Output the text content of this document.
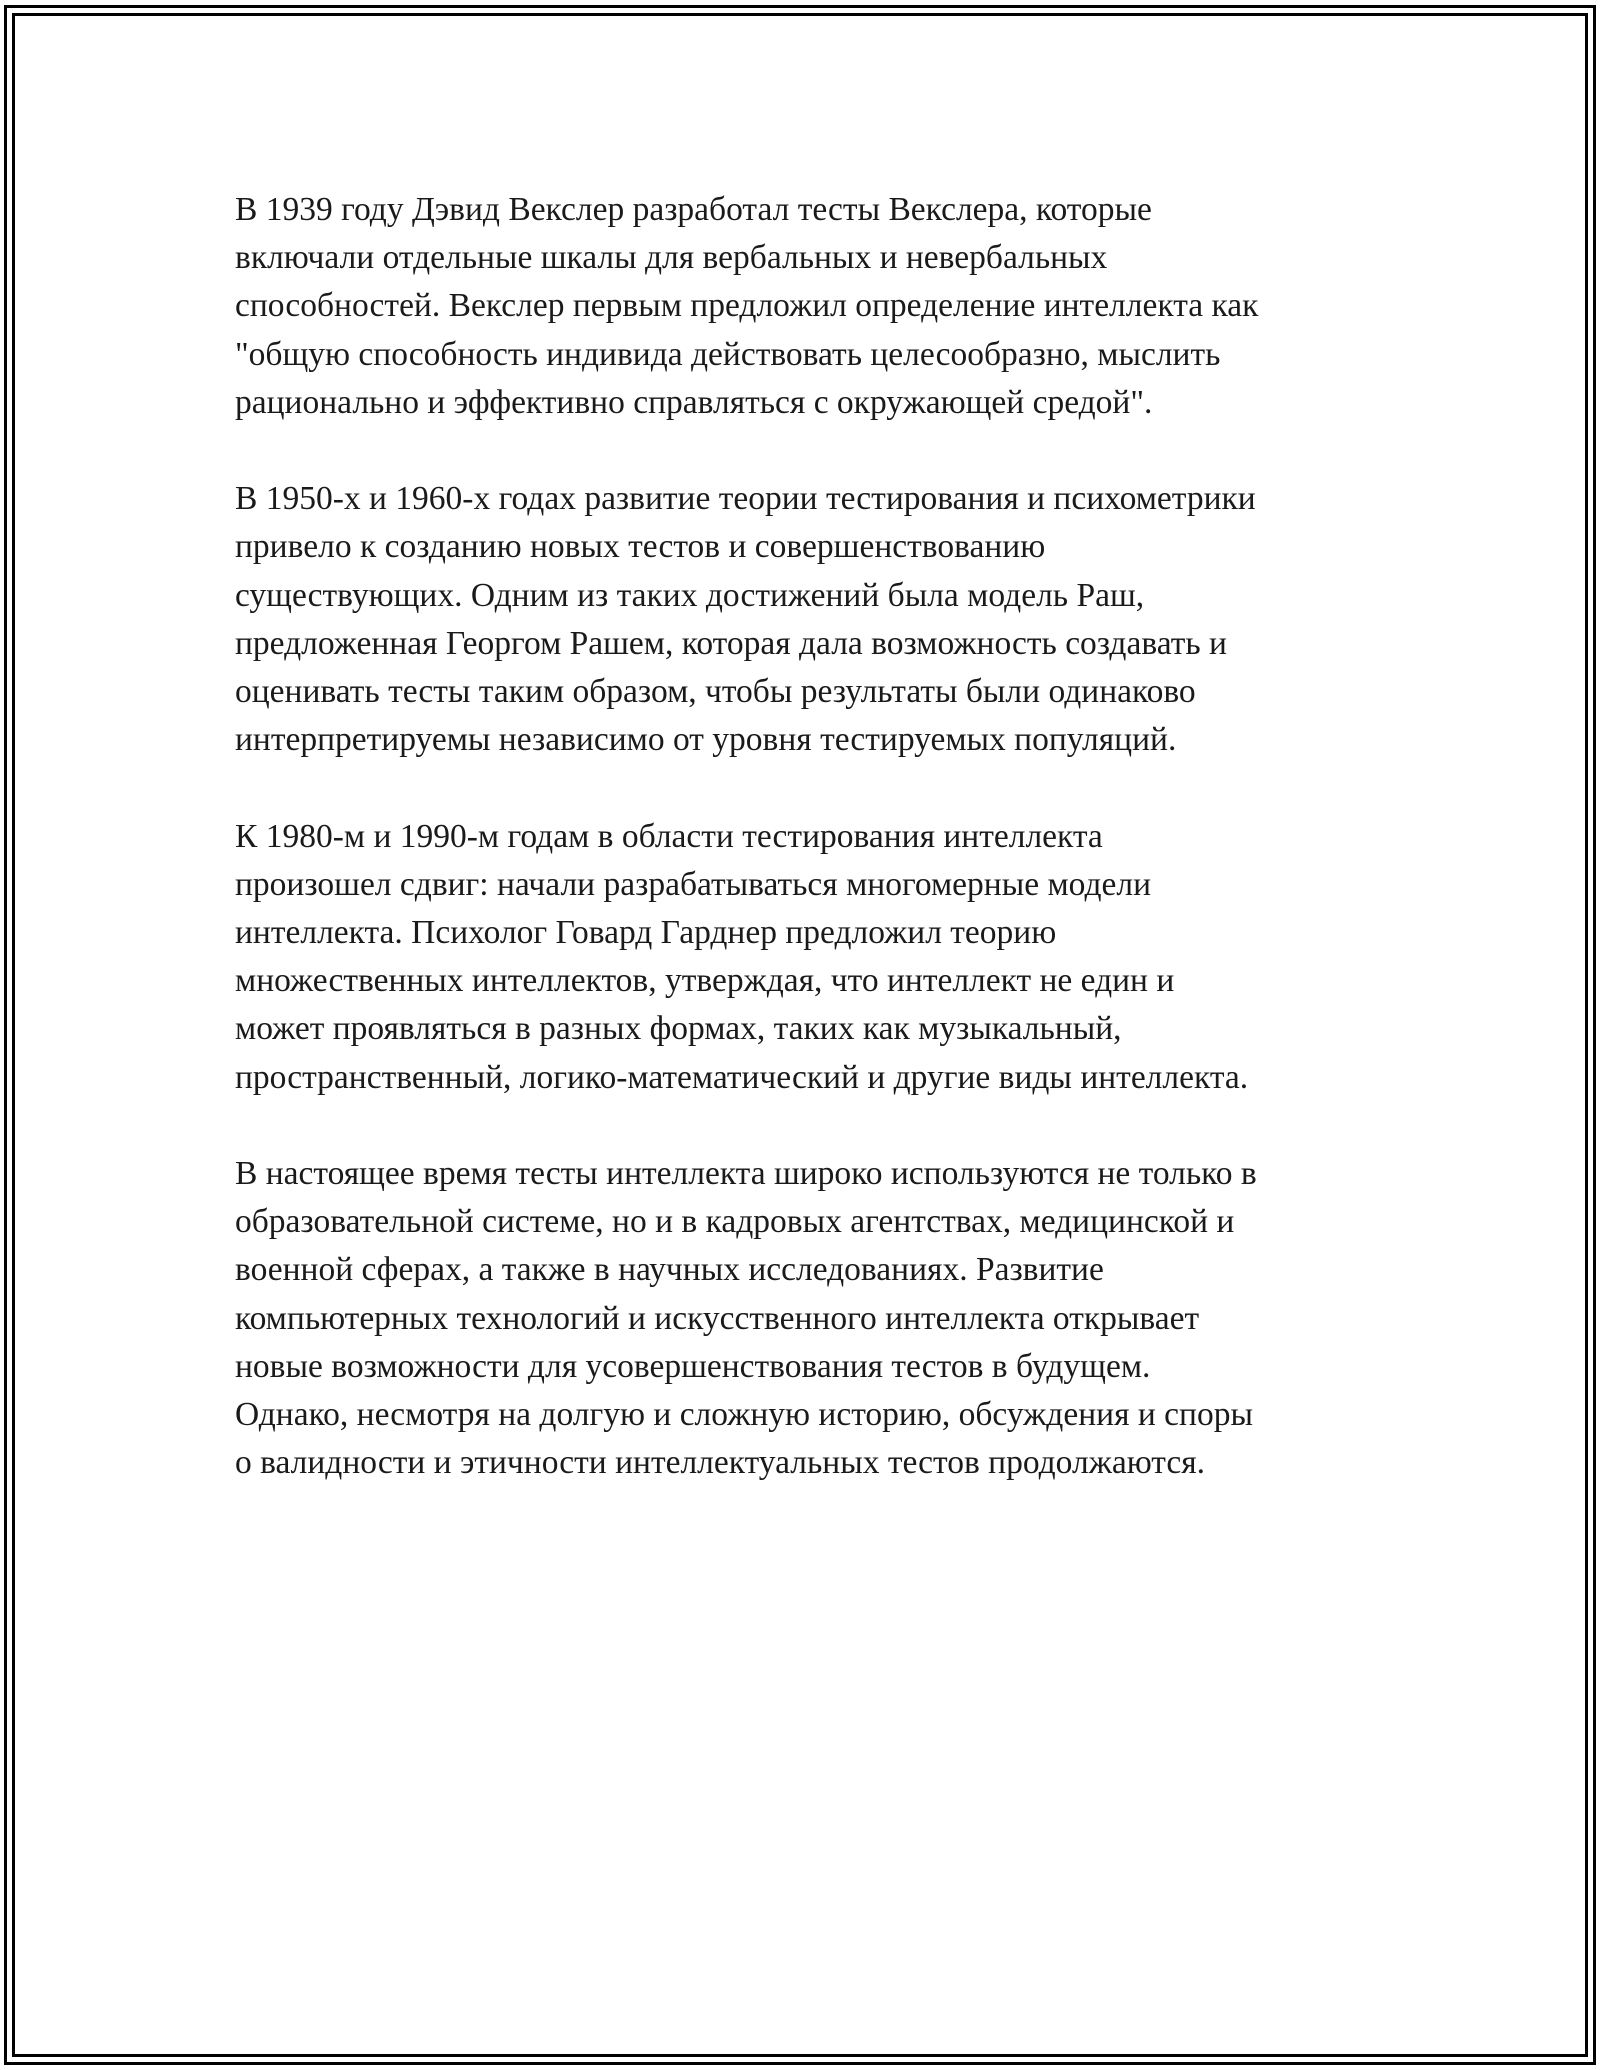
В 1939 году Дэвид Векслер разработал тесты Векслера, которые
включали отдельные шкалы для вербальных и невербальных
способностей. Векслер первым предложил определение интеллекта как
"общую способность индивида действовать целесообразно, мыслить
рационально и эффективно справляться с окружающей средой".

В 1950-х и 1960-х годах развитие теории тестирования и психометрики
привело к созданию новых тестов и совершенствованию
существующих. Одним из таких достижений была модель Раш,
предложенная Георгом Рашем, которая дала возможность создавать и
оценивать тесты таким образом, чтобы результаты были одинаково
интерпретируемы независимо от уровня тестируемых популяций.

К 1980-м и 1990-м годам в области тестирования интеллекта
произошел сдвиг: начали разрабатываться многомерные модели
интеллекта. Психолог Говард Гарднер предложил теорию
множественных интеллектов, утверждая, что интеллект не един и
может проявляться в разных формах, таких как музыкальный,
пространственный, логико-математический и другие виды интеллекта.

В настоящее время тесты интеллекта широко используются не только в
образовательной системе, но и в кадровых агентствах, медицинской и
военной сферах, а также в научных исследованиях. Развитие
компьютерных технологий и искусственного интеллекта открывает
новые возможности для усовершенствования тестов в будущем.
Однако, несмотря на долгую и сложную историю, обсуждения и споры
о валидности и этичности интеллектуальных тестов продолжаются.
